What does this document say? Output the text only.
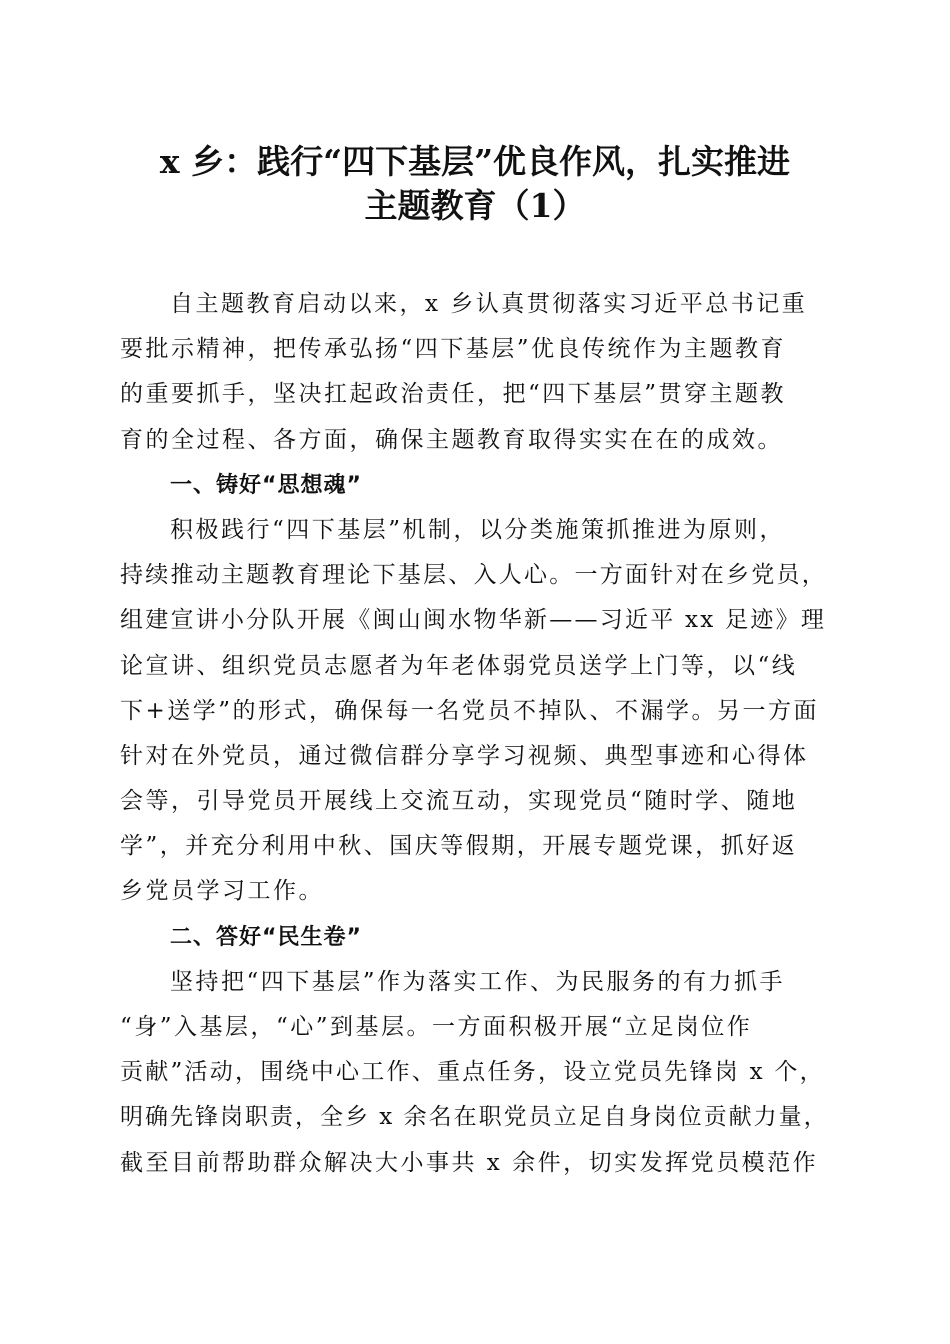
x 乡：践行“四下基层”优良作风，扎实推进
主题教育（1）
自主题教育启动以来，x 乡认真贯彻落实习近平总书记重
要批示精神，把传承弘扬“四下基层”优良传统作为主题教育
的重要抓手，坚决扛起政治责任，把“四下基层”贯穿主题教
育的全过程、各方面，确保主题教育取得实实在在的成效。
一、铸好“思想魂”
积极践行“四下基层”机制，以分类施策抓推进为原则，
持续推动主题教育理论下基层、入人心。一方面针对在乡党员，
组建宣讲小分队开展《闽山闽水物华新——习近平 xx 足迹》理
论宣讲、组织党员志愿者为年老体弱党员送学上门等，以“线
下+送学”的形式，确保每一名党员不掉队、不漏学。另一方面
针对在外党员，通过微信群分享学习视频、典型事迹和心得体
会等，引导党员开展线上交流互动，实现党员“随时学、随地
学”，并充分利用中秋、国庆等假期，开展专题党课，抓好返
乡党员学习工作。
二、答好“民生卷”
坚持把“四下基层”作为落实工作、为民服务的有力抓手
“身”入基层，“心”到基层。一方面积极开展“立足岗位作
贡献”活动，围绕中心工作、重点任务，设立党员先锋岗 x 个，
明确先锋岗职责，全乡 x 余名在职党员立足自身岗位贡献力量，
截至目前帮助群众解决大小事共 x 余件，切实发挥党员模范作
